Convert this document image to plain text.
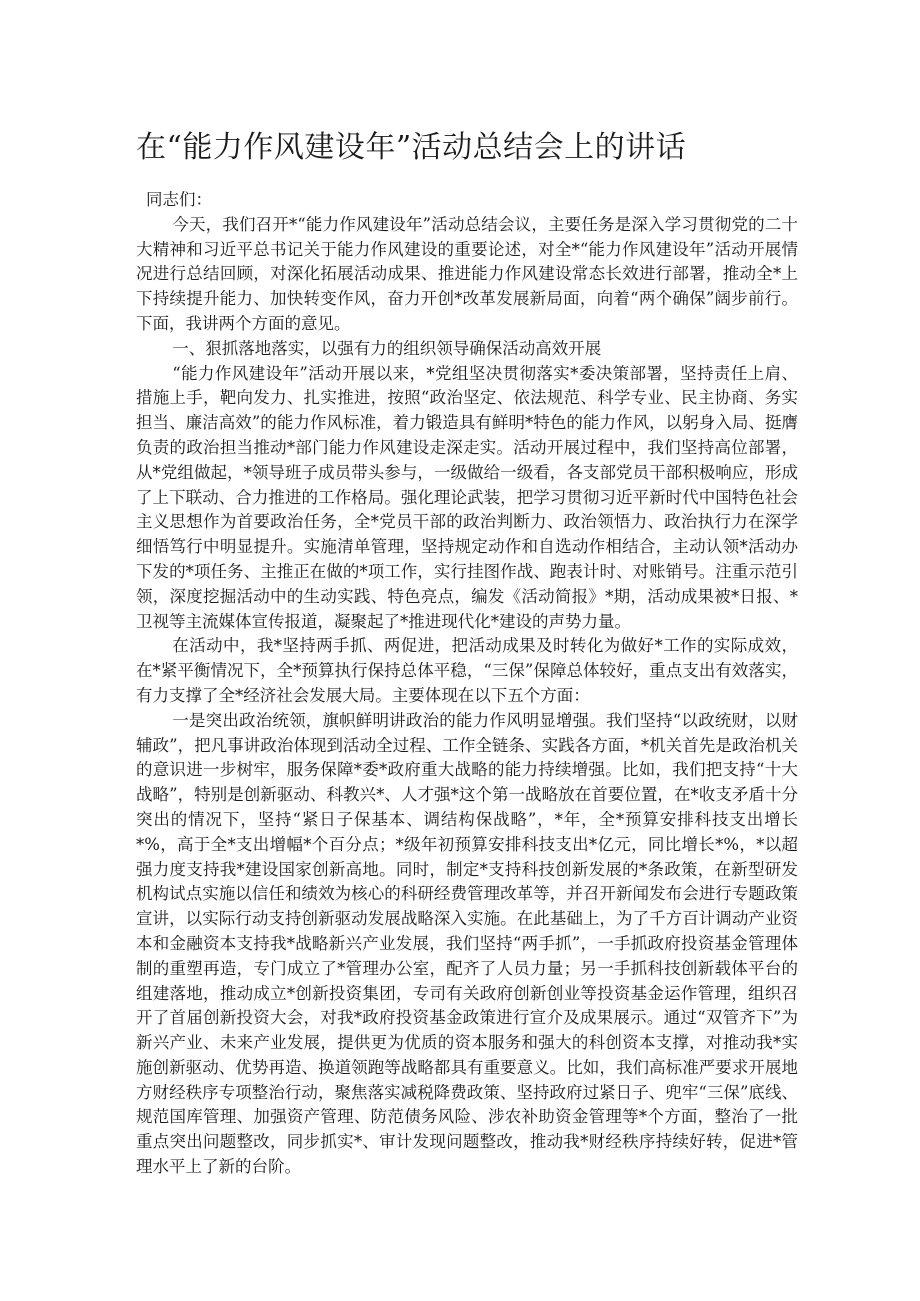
在“能力作风建设年”活动总结会上的讲话

同志们：

今天，我们召开*“能力作风建设年”活动总结会议，主要任务是深入学习贯彻党的二十大精神和习近平总书记关于能力作风建设的重要论述，对全*“能力作风建设年”活动开展情况进行总结回顾，对深化拓展活动成果、推进能力作风建设常态长效进行部署，推动全*上下持续提升能力、加快转变作风，奋力开创*改革发展新局面，向着“两个确保”阔步前行。下面，我讲两个方面的意见。

一、狠抓落地落实，以强有力的组织领导确保活动高效开展

“能力作风建设年”活动开展以来，*党组坚决贯彻落实*委决策部署，坚持责任上肩、措施上手，靶向发力、扎实推进，按照“政治坚定、依法规范、科学专业、民主协商、务实担当、廉洁高效”的能力作风标准，着力锻造具有鲜明*特色的能力作风，以躬身入局、挺膺负责的政治担当推动*部门能力作风建设走深走实。活动开展过程中，我们坚持高位部署，从*党组做起，*领导班子成员带头参与，一级做给一级看，各支部党员干部积极响应，形成了上下联动、合力推进的工作格局。强化理论武装，把学习贯彻习近平新时代中国特色社会主义思想作为首要政治任务，全*党员干部的政治判断力、政治领悟力、政治执行力在深学细悟笃行中明显提升。实施清单管理，坚持规定动作和自选动作相结合，主动认领*活动办下发的*项任务、主推正在做的*项工作，实行挂图作战、跑表计时、对账销号。注重示范引领，深度挖掘活动中的生动实践、特色亮点，编发《活动简报》*期，活动成果被*日报、*卫视等主流媒体宣传报道，凝聚起了*推进现代化*建设的声势力量。

在活动中，我*坚持两手抓、两促进，把活动成果及时转化为做好*工作的实际成效，在*紧平衡情况下，全*预算执行保持总体平稳，“三保”保障总体较好，重点支出有效落实，有力支撑了全*经济社会发展大局。主要体现在以下五个方面：

一是突出政治统领，旗帜鲜明讲政治的能力作风明显增强。我们坚持“以政统财，以财辅政”，把凡事讲政治体现到活动全过程、工作全链条、实践各方面，*机关首先是政治机关的意识进一步树牢，服务保障*委*政府重大战略的能力持续增强。比如，我们把支持“十大战略”，特别是创新驱动、科教兴*、人才强*这个第一战略放在首要位置，在*收支矛盾十分突出的情况下，坚持“紧日子保基本、调结构保战略”，*年，全*预算安排科技支出增长*%，高于全*支出增幅*个百分点；*级年初预算安排科技支出*亿元，同比增长*%，*以超强力度支持我*建设国家创新高地。同时，制定*支持科技创新发展的*条政策，在新型研发机构试点实施以信任和绩效为核心的科研经费管理改革等，并召开新闻发布会进行专题政策宣讲，以实际行动支持创新驱动发展战略深入实施。在此基础上，为了千方百计调动产业资本和金融资本支持我*战略新兴产业发展，我们坚持“两手抓”，一手抓政府投资基金管理体制的重塑再造，专门成立了*管理办公室，配齐了人员力量；另一手抓科技创新载体平台的组建落地，推动成立*创新投资集团，专司有关政府创新创业等投资基金运作管理，组织召开了首届创新投资大会，对我*政府投资基金政策进行宣介及成果展示。通过“双管齐下”为新兴产业、未来产业发展，提供更为优质的资本服务和强大的科创资本支撑，对推动我*实施创新驱动、优势再造、换道领跑等战略都具有重要意义。比如，我们高标准严要求开展地方财经秩序专项整治行动，聚焦落实减税降费政策、坚持政府过紧日子、兜牢“三保”底线、规范国库管理、加强资产管理、防范债务风险、涉农补助资金管理等*个方面，整治了一批重点突出问题整改，同步抓实*、审计发现问题整改，推动我*财经秩序持续好转，促进*管理水平上了新的台阶。
